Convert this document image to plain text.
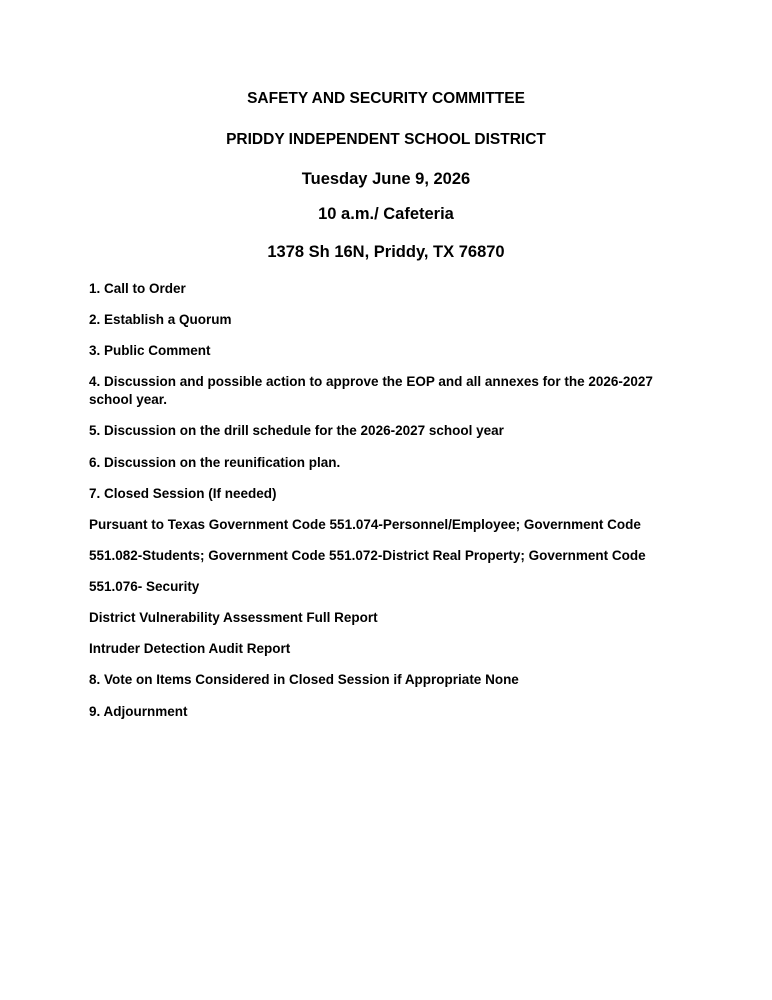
SAFETY AND SECURITY COMMITTEE
PRIDDY INDEPENDENT SCHOOL DISTRICT

Tuesday June 9, 2026

10 a.m./ Cafeteria

1378 Sh 16N, Priddy, TX 76870

1. Call to Order

2. Establish a Quorum

3. Public Comment

4. Discussion and possible action to approve the EOP and all annexes for the 2026-2027

school year.

5. Discussion on the drill schedule for the 2026-2027 school year

6. Discussion on the reunification plan.

7. Closed Session (If needed)

Pursuant to Texas Government Code 551.074-Personnel/Employee; Government Code

551.082-Students; Government Code 551.072-District Real Property; Government Code

551.076- Security

District Vulnerability Assessment Full Report

Intruder Detection Audit Report

8. Vote on Items Considered in Closed Session if Appropriate None

9. Adjournment
